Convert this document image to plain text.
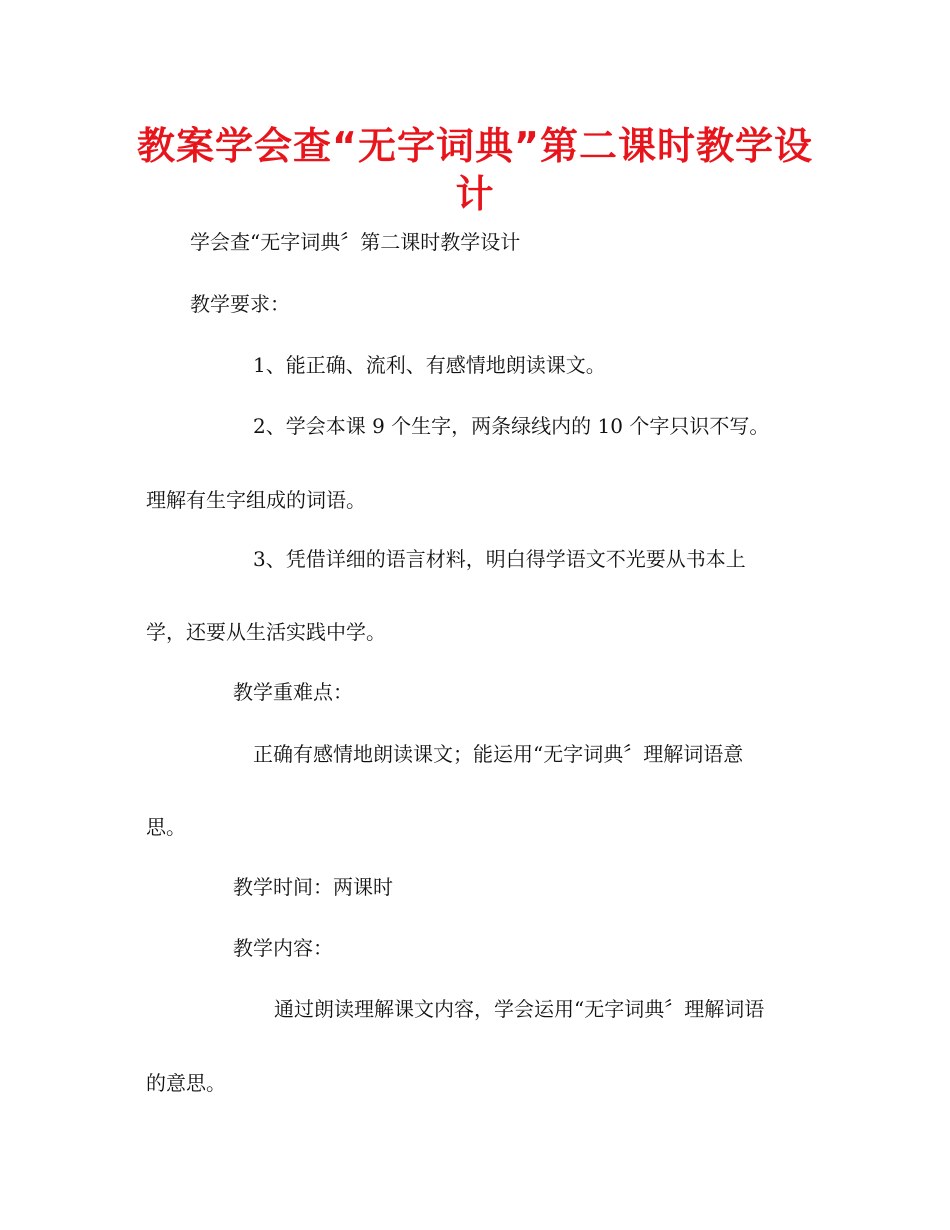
教案学会查“无字词典”第二课时教学设
计
学会查“无字词典〞第二课时教学设计
教学要求：
1、能正确、流利、有感情地朗读课文。
2、学会本课 9 个生字，两条绿线内的 10 个字只识不写。
理解有生字组成的词语。
3、凭借详细的语言材料，明白得学语文不光要从书本上
学，还要从生活实践中学。
教学重难点：
正确有感情地朗读课文；能运用“无字词典〞理解词语意
思。
教学时间：两课时
教学内容：
通过朗读理解课文内容，学会运用“无字词典〞理解词语
的意思。
